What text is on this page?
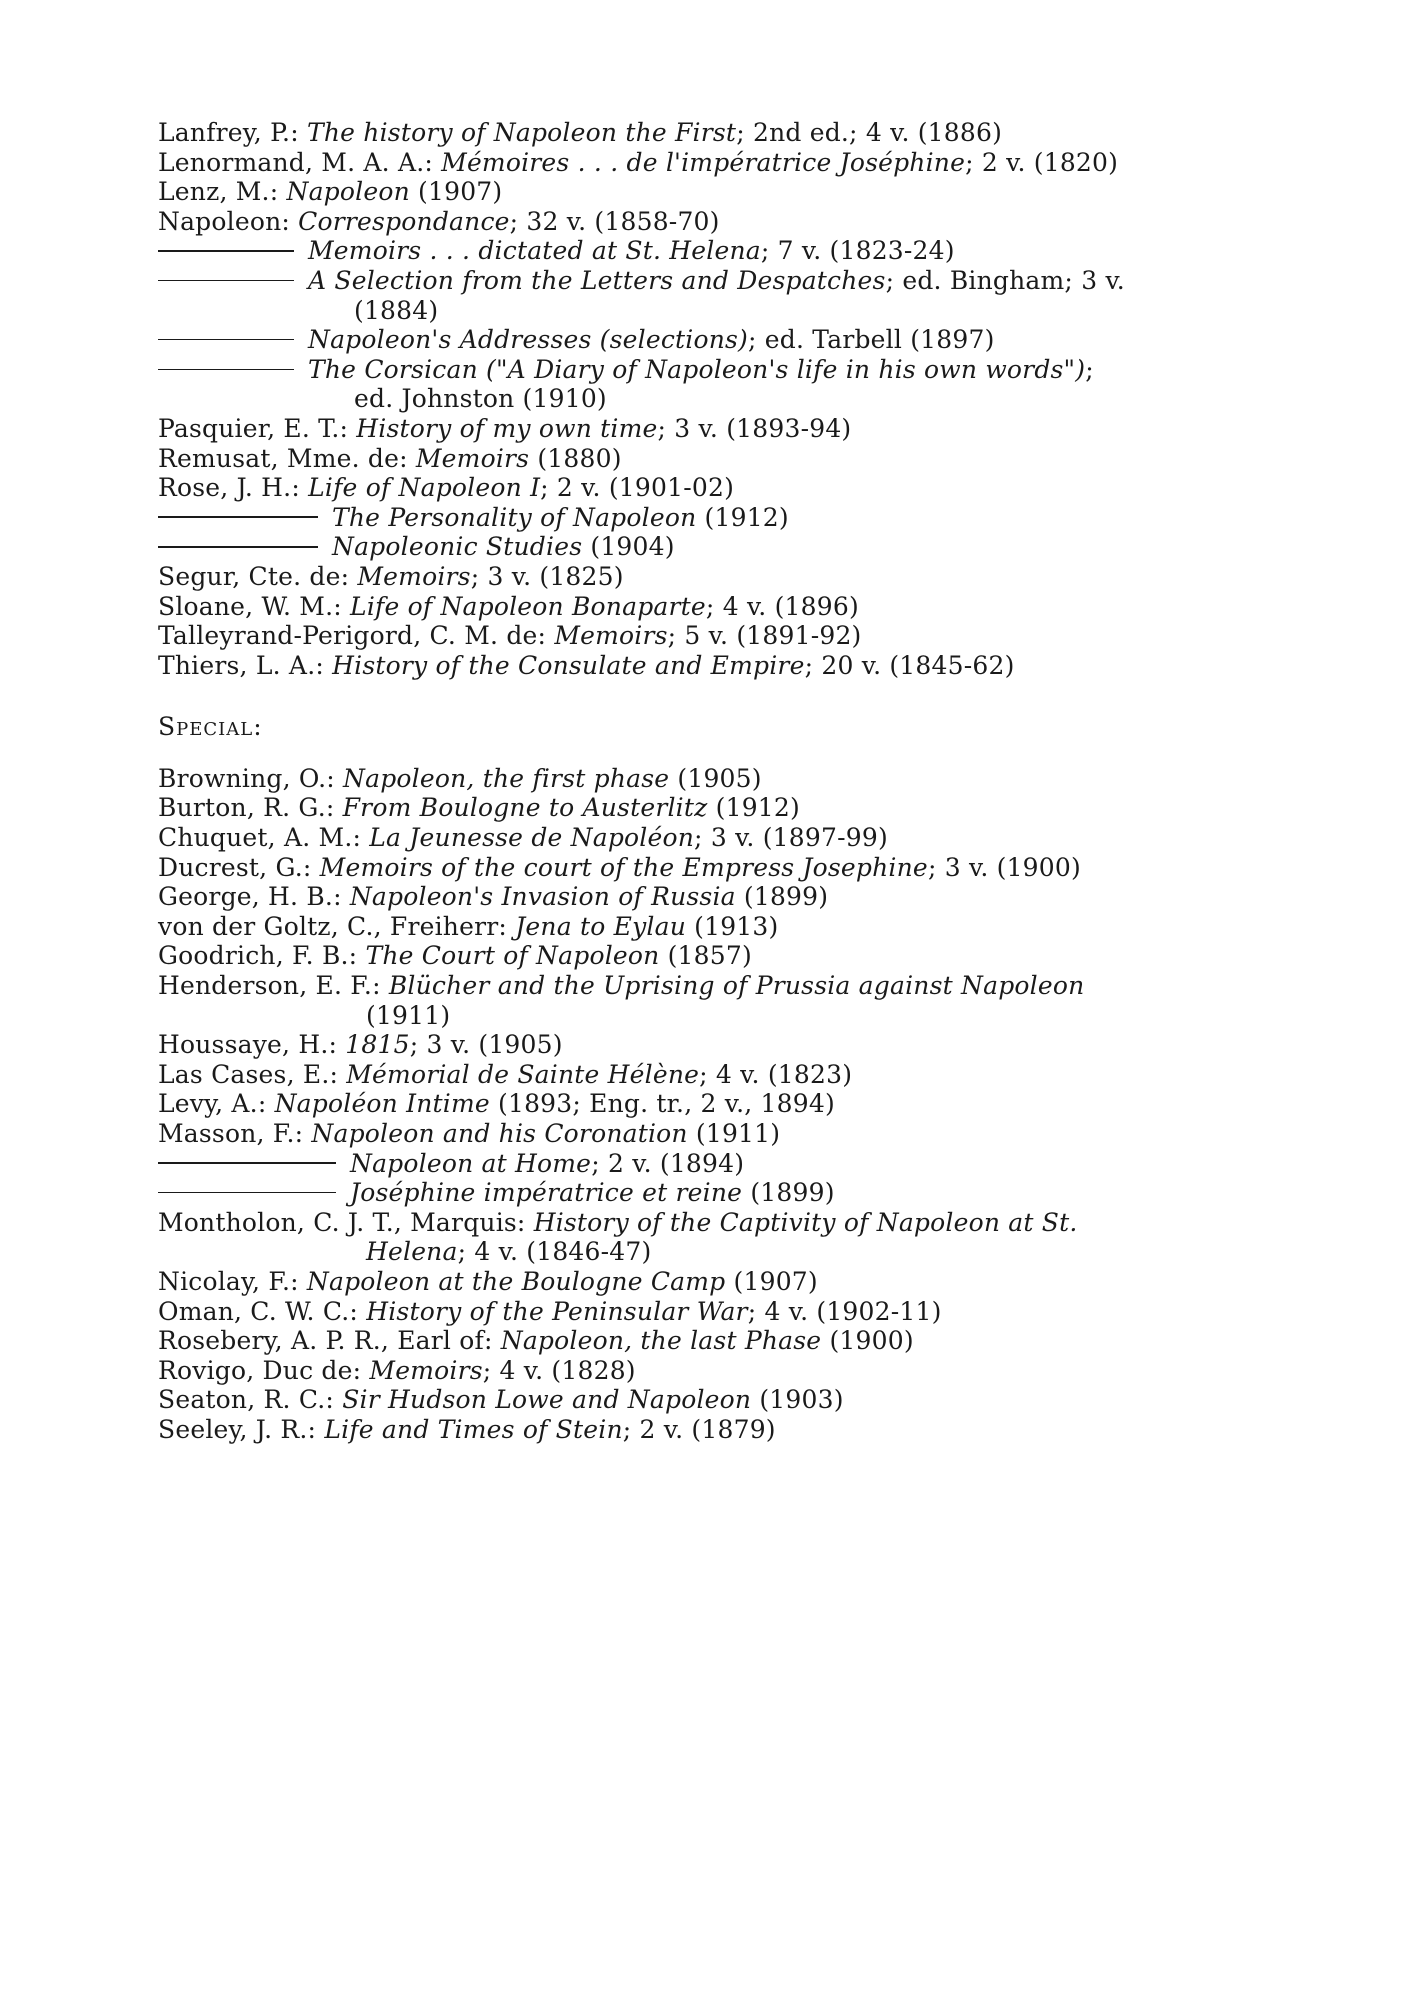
Lanfrey, P.: The history of Napoleon the First; 2nd ed.; 4 v. (1886)
Lenormand, M. A. A.: Mémoires . . . de l'impératrice Joséphine; 2 v. (1820)
Lenz, M.: Napoleon (1907)
Napoleon: Correspondance; 32 v. (1858-70)
Memoirs . . . dictated at St. Helena; 7 v. (1823-24)
A Selection from the Letters and Despatches; ed. Bingham; 3 v.
(1884)
Napoleon's Addresses (selections); ed. Tarbell (1897)
The Corsican ("A Diary of Napoleon's life in his own words");
ed. Johnston (1910)
Pasquier, E. T.: History of my own time; 3 v. (1893-94)
Remusat, Mme. de: Memoirs (1880)
Rose, J. H.: Life of Napoleon I; 2 v. (1901-02)
The Personality of Napoleon (1912)
Napoleonic Studies (1904)
Segur, Cte. de: Memoirs; 3 v. (1825)
Sloane, W. M.: Life of Napoleon Bonaparte; 4 v. (1896)
Talleyrand-Perigord, C. M. de: Memoirs; 5 v. (1891-92)
Thiers, L. A.: History of the Consulate and Empire; 20 v. (1845-62)
Special:
Browning, O.: Napoleon, the first phase (1905)
Burton, R. G.: From Boulogne to Austerlitz (1912)
Chuquet, A. M.: La Jeunesse de Napoléon; 3 v. (1897-99)
Ducrest, G.: Memoirs of the court of the Empress Josephine; 3 v. (1900)
George, H. B.: Napoleon's Invasion of Russia (1899)
von der Goltz, C., Freiherr: Jena to Eylau (1913)
Goodrich, F. B.: The Court of Napoleon (1857)
Henderson, E. F.: Blücher and the Uprising of Prussia against Napoleon
(1911)
Houssaye, H.: 1815; 3 v. (1905)
Las Cases, E.: Mémorial de Sainte Hélène; 4 v. (1823)
Levy, A.: Napoléon Intime (1893; Eng. tr., 2 v., 1894)
Masson, F.: Napoleon and his Coronation (1911)
Napoleon at Home; 2 v. (1894)
Joséphine impératrice et reine (1899)
Montholon, C. J. T., Marquis: History of the Captivity of Napoleon at St.
Helena; 4 v. (1846-47)
Nicolay, F.: Napoleon at the Boulogne Camp (1907)
Oman, C. W. C.: History of the Peninsular War; 4 v. (1902-11)
Rosebery, A. P. R., Earl of: Napoleon, the last Phase (1900)
Rovigo, Duc de: Memoirs; 4 v. (1828)
Seaton, R. C.: Sir Hudson Lowe and Napoleon (1903)
Seeley, J. R.: Life and Times of Stein; 2 v. (1879)
